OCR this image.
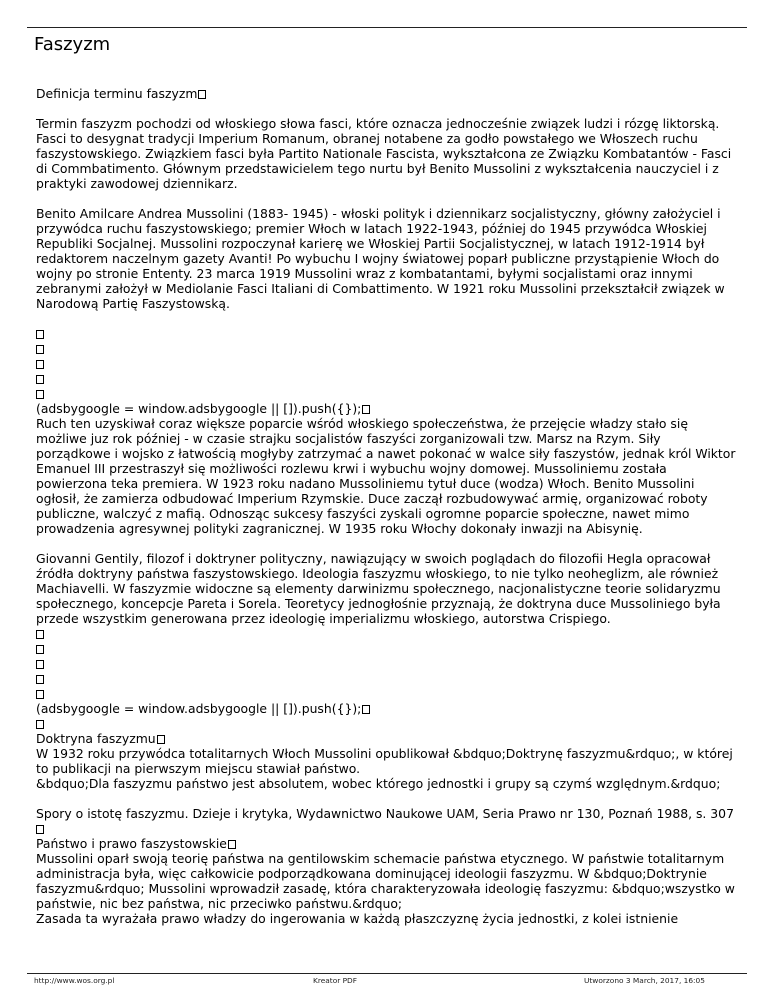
Faszyzm

Definicja terminu faszyzm

Termin faszyzm pochodzi od włoskiego słowa fasci, które oznacza jednocześnie związek ludzi i rózgę liktorską. Fasci to desygnat tradycji Imperium Romanum, obranej notabene za godło powstałego we Włoszech ruchu faszystowskiego. Związkiem fasci była Partito Nationale Fascista, wykształcona ze Związku Kombatantów - Fasci di Commbatimento. Głównym przedstawicielem tego nurtu był Benito Mussolini z wykształcenia nauczyciel i z praktyki zawodowej dziennikarz.

Benito Amilcare Andrea Mussolini (1883- 1945) - włoski polityk i dziennikarz socjalistyczny, główny założyciel i przywódca ruchu faszystowskiego; premier Włoch w latach 1922-1943, później do 1945 przywódca Włoskiej Republiki Socjalnej. Mussolini rozpoczynał karierę we Włoskiej Partii Socjalistycznej, w latach 1912-1914 był redaktorem naczelnym gazety Avanti! Po wybuchu I wojny światowej poparł publiczne przystąpienie Włoch do wojny po stronie Ententy. 23 marca 1919 Mussolini wraz z kombatantami, byłymi socjalistami oraz innymi zebranymi założył w Mediolanie Fasci Italiani di Combattimento. W 1921 roku Mussolini przekształcił związek w Narodową Partię Faszystowską.

(adsbygoogle = window.adsbygoogle || []).push({});

Ruch ten uzyskiwał coraz większe poparcie wśród włoskiego społeczeństwa, że przejęcie władzy stało się możliwe juz rok później - w czasie strajku socjalistów faszyści zorganizowali tzw. Marsz na Rzym. Siły porządkowe i wojsko z łatwością mogłyby zatrzymać a nawet pokonać w walce siły faszystów, jednak król Wiktor Emanuel III przestraszył się możliwości rozlewu krwi i wybuchu wojny domowej. Mussoliniemu została powierzona teka premiera. W 1923 roku nadano Mussoliniemu tytuł duce (wodza) Włoch. Benito Mussolini ogłosił, że zamierza odbudować Imperium Rzymskie. Duce zaczął rozbudowywać armię, organizować roboty publiczne, walczyć z mafią. Odnosząc sukcesy faszyści zyskali ogromne poparcie społeczne, nawet mimo prowadzenia agresywnej polityki zagranicznej. W 1935 roku Włochy dokonały inwazji na Abisynię.

Giovanni Gentily, filozof i doktryner polityczny, nawiązujący w swoich poglądach do filozofii Hegla opracował źródła doktryny państwa faszystowskiego. Ideologia faszyzmu włoskiego, to nie tylko neoheglizm, ale również Machiavelli. W faszyzmie widoczne są elementy darwinizmu społecznego, nacjonalistyczne teorie solidaryzmu społecznego, koncepcje Pareta i Sorela. Teoretycy jednogłośnie przyznają, że doktryna duce Mussoliniego była przede wszystkim generowana przez ideologię imperializmu włoskiego, autorstwa Crispiego.

(adsbygoogle = window.adsbygoogle || []).push({});

Doktryna faszyzmu

W 1932 roku przywódca totalitarnych Włoch Mussolini opublikował &bdquo;Doktrynę faszyzmu&rdquo;, w której to publikacji na pierwszym miejscu stawiał państwo.

&bdquo;Dla faszyzmu państwo jest absolutem, wobec którego jednostki i grupy są czymś względnym.&rdquo;

Spory o istotę faszyzmu. Dzieje i krytyka, Wydawnictwo Naukowe UAM, Seria Prawo nr 130, Poznań 1988, s. 307

Państwo i prawo faszystowskie

Mussolini oparł swoją teorię państwa na gentilowskim schemacie państwa etycznego. W państwie totalitarnym administracja była, więc całkowicie podporządkowana dominującej ideologii faszyzmu. W &bdquo;Doktrynie faszyzmu&rdquo; Mussolini wprowadził zasadę, która charakteryzowała ideologię faszyzmu: &bdquo;wszystko w państwie, nic bez państwa, nic przeciwko państwu.&rdquo;

Zasada ta wyrażała prawo władzy do ingerowania w każdą płaszczyznę życia jednostki, z kolei istnienie

http://www.wos.org.pl	Kreator PDF	Utworzono 3 March, 2017, 16:05
